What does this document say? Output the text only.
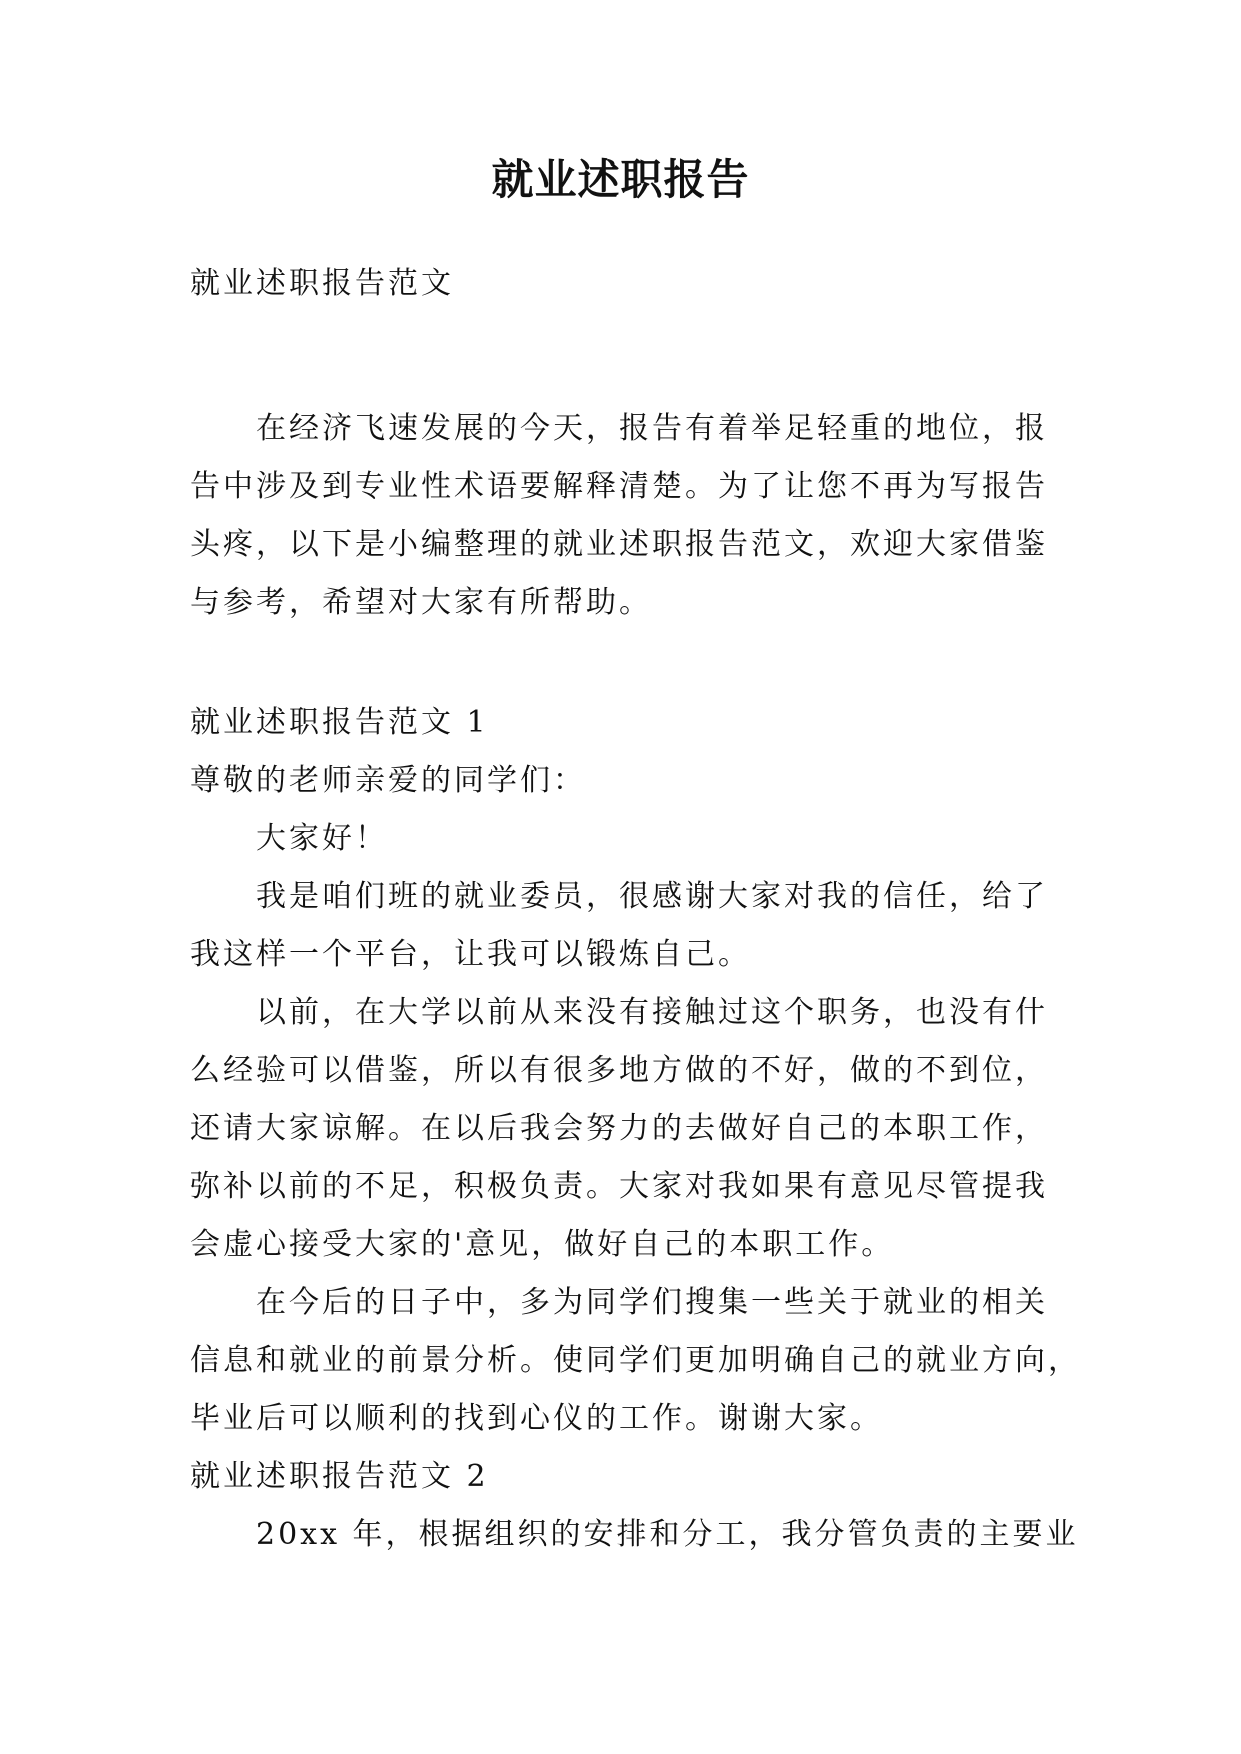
就业述职报告
就业述职报告范文
在经济飞速发展的今天，报告有着举足轻重的地位，报
告中涉及到专业性术语要解释清楚。为了让您不再为写报告
头疼，以下是小编整理的就业述职报告范文，欢迎大家借鉴
与参考，希望对大家有所帮助。
就业述职报告范文 1
尊敬的老师亲爱的同学们：
大家好！
我是咱们班的就业委员，很感谢大家对我的信任，给了
我这样一个平台，让我可以锻炼自己。
以前，在大学以前从来没有接触过这个职务，也没有什
么经验可以借鉴，所以有很多地方做的不好，做的不到位，
还请大家谅解。在以后我会努力的去做好自己的本职工作，
弥补以前的不足，积极负责。大家对我如果有意见尽管提我
会虚心接受大家的'意见，做好自己的本职工作。
在今后的日子中，多为同学们搜集一些关于就业的相关
信息和就业的前景分析。使同学们更加明确自己的就业方向，
毕业后可以顺利的找到心仪的工作。谢谢大家。
就业述职报告范文 2
20xx 年，根据组织的安排和分工，我分管负责的主要业
